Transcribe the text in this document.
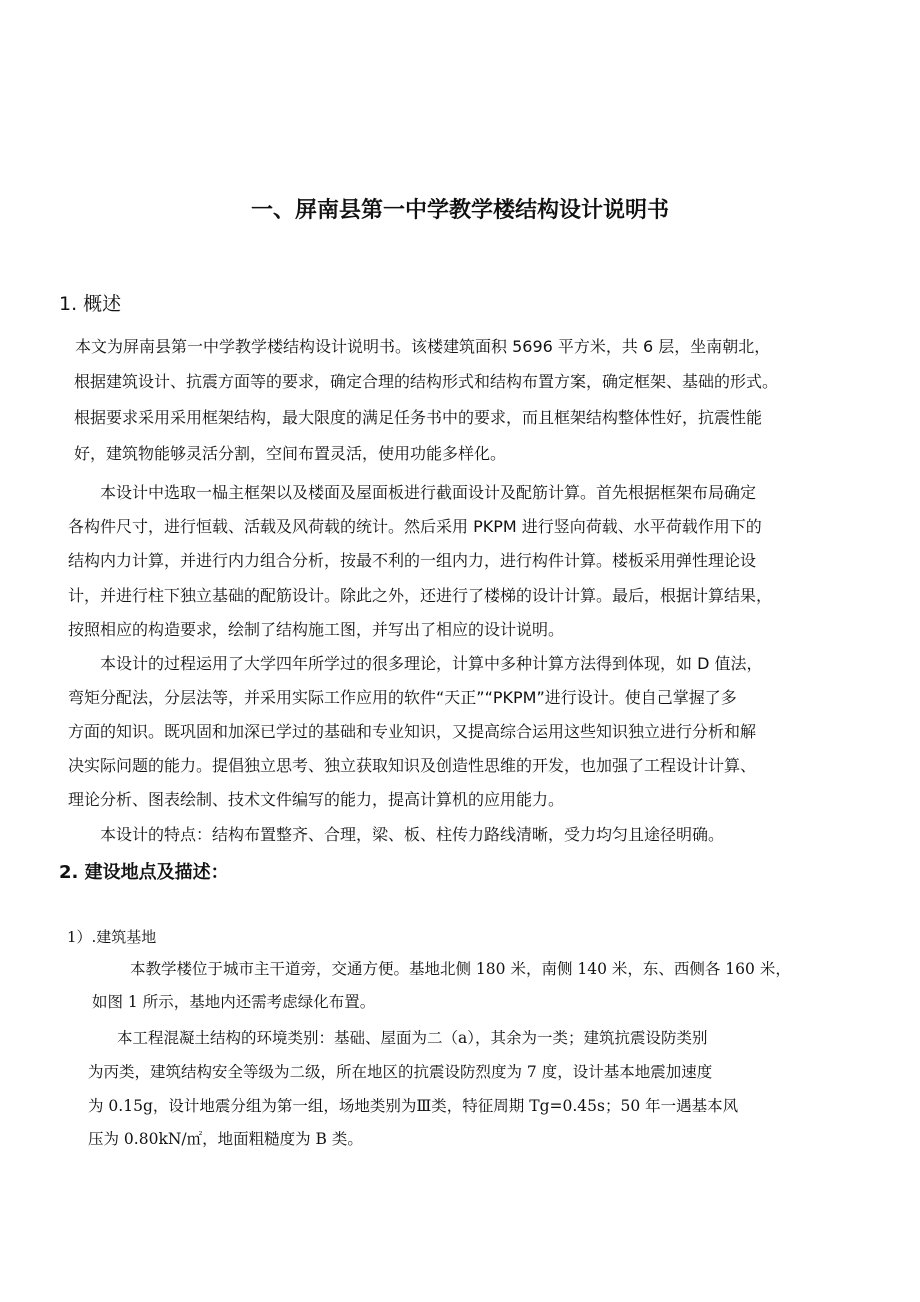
一、屏南县第一中学教学楼结构设计说明书
1. 概述
本文为屏南县第一中学教学楼结构设计说明书。该楼建筑面积 5696 平方米，共 6 层，坐南朝北，
根据建筑设计、抗震方面等的要求，确定合理的结构形式和结构布置方案，确定框架、基础的形式。
根据要求采用采用框架结构，最大限度的满足任务书中的要求，而且框架结构整体性好，抗震性能
好，建筑物能够灵活分割，空间布置灵活，使用功能多样化。
本设计中选取一榀主框架以及楼面及屋面板进行截面设计及配筋计算。首先根据框架布局确定
各构件尺寸，进行恒载、活载及风荷载的统计。然后采用 PKPM 进行竖向荷载、水平荷载作用下的
结构内力计算，并进行内力组合分析，按最不利的一组内力，进行构件计算。楼板采用弹性理论设
计，并进行柱下独立基础的配筋设计。除此之外，还进行了楼梯的设计计算。最后，根据计算结果，
按照相应的构造要求，绘制了结构施工图，并写出了相应的设计说明。
本设计的过程运用了大学四年所学过的很多理论，计算中多种计算方法得到体现，如 D 值法，
弯矩分配法，分层法等，并采用实际工作应用的软件“天正”“PKPM”进行设计。使自己掌握了多
方面的知识。既巩固和加深已学过的基础和专业知识，又提高综合运用这些知识独立进行分析和解
决实际问题的能力。提倡独立思考、独立获取知识及创造性思维的开发，也加强了工程设计计算、
理论分析、图表绘制、技术文件编写的能力，提高计算机的应用能力。
本设计的特点：结构布置整齐、合理，梁、板、柱传力路线清晰，受力均匀且途径明确。
2. 建设地点及描述：
1）.建筑基地
本教学楼位于城市主干道旁，交通方便。基地北侧 180 米，南侧 140 米，东、西侧各 160 米，
如图 1 所示，基地内还需考虑绿化布置。
本工程混凝土结构的环境类别：基础、屋面为二（a），其余为一类；建筑抗震设防类别
为丙类，建筑结构安全等级为二级，所在地区的抗震设防烈度为 7 度，设计基本地震加速度
为 0.15g，设计地震分组为第一组，场地类别为Ⅲ类，特征周期 Tg=0.45s；50 年一遇基本风
压为 0.80kN/㎡，地面粗糙度为 B 类。
